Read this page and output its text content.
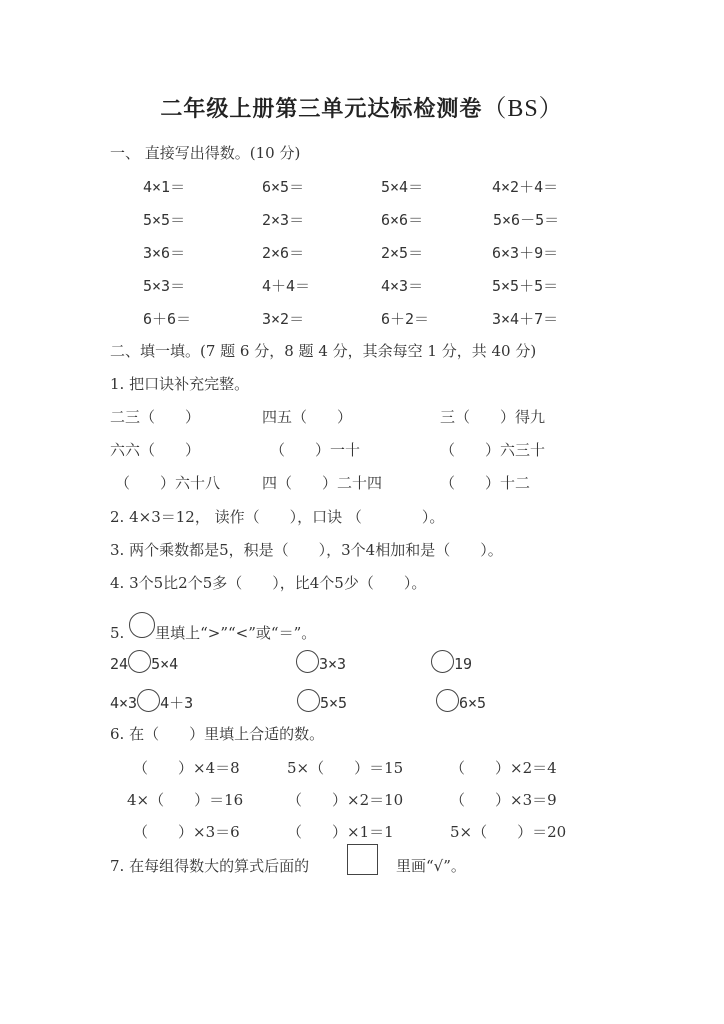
二年级上册第三单元达标检测卷（BS）
一、 直接写出得数。(10 分)
4×1＝	6×5＝	5×4＝	4×2＋4＝
5×5＝	2×3＝	6×6＝	5×6－5＝
3×6＝	2×6＝	2×5＝	6×3＋9＝
5×3＝	4＋4＝	4×3＝	5×5＋5＝
6＋6＝	3×2＝	6＋2＝	3×4＋7＝
二、填一填。(7 题 6 分，8 题 4 分，其余每空 1 分，共 40 分)
1. 把口诀补充完整。
二三（　　）	四五（　　）	三（　　）得九
六六（　　）	（　　）一十	（　　）六三十
（　　）六十八	四（　　）二十四	（　　）十二
2. 4×3＝12， 读作（　　），口诀 （　　　　）。
3. 两个乘数都是5，积是（　　），3个4相加和是（　　）。
4. 3个5比2个5多（　　），比4个5少（　　）。
5. 里填上“>”“<”或“＝”。
24 5×4	3×3	19
4×3 4＋3	5×5	6×5
6. 在（　　）里填上合适的数。
（　　）×4＝8	5×（　　）＝15	（　　）×2＝4
4×（　　）＝16	（　　）×2＝10	（　　）×3＝9
（　　）×3＝6	（　　）×1＝1	5×（　　）＝20
7. 在每组得数大的算式后面的	里画“√”。
